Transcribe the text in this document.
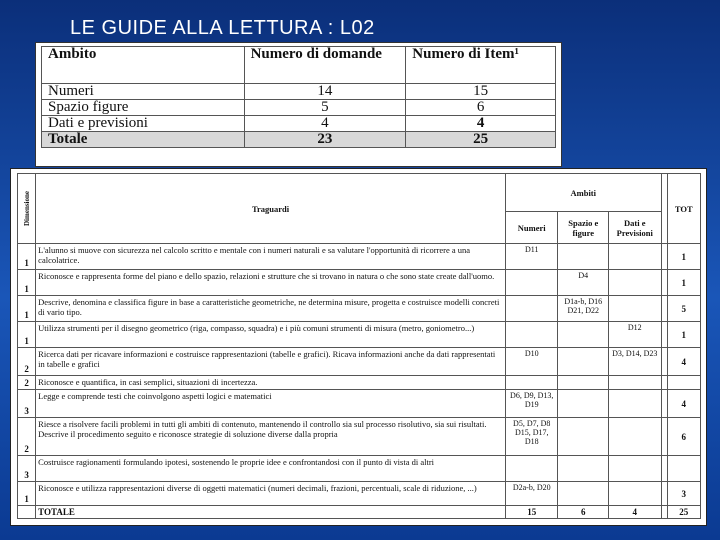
LE GUIDE ALLA LETTURA : L02
Ambito	Numero di domande	Numero di Item¹
Numeri	14	15
Spazio figure	5	6
Dati e previsioni	4	4
Totale	23	25
Dimensione	Traguardi	Ambiti				TOT
		Numeri	Spazio e figure	Dati e Previsioni		
1	L'alunno si muove con sicurezza nel calcolo scritto e mentale con i numeri naturali e sa valutare l'opportunità di ricorrere a una calcolatrice.	D11				1
1	Riconosce e rappresenta forme del piano e dello spazio, relazioni e strutture che si trovano in natura o che sono state create dall'uomo.		D4			1
1	Descrive, denomina e classifica figure in base a caratteristiche geometriche, ne determina misure, progetta e costruisce modelli concreti di vario tipo.		D1a-b, D16 D21, D22			5
1	Utilizza strumenti per il disegno geometrico (riga, compasso, squadra) e i più comuni strumenti di misura (metro, goniometro...)			D12		1
2	Ricerca dati per ricavare informazioni e costruisce rappresentazioni (tabelle e grafici). Ricava informazioni anche da dati rappresentati in tabelle e grafici	D10		D3, D14, D23		4
2	Riconosce e quantifica, in casi semplici, situazioni di incertezza.					
3	Legge e comprende testi che coinvolgono aspetti logici e matematici	D6, D9, D13, D19				4
2	Riesce a risolvere facili problemi in tutti gli ambiti di contenuto, mantenendo il controllo sia sul processo risolutivo, sia sui risultati. Descrive il procedimento seguito e riconosce strategie di soluzione diverse dalla propria	D5, D7, D8 D15, D17, D18				6
3	Costruisce ragionamenti formulando ipotesi, sostenendo le proprie idee e confrontandosi con il punto di vista di altri					
1	Riconosce e utilizza rappresentazioni diverse di oggetti matematici (numeri decimali, frazioni, percentuali, scale di riduzione, ...)	D2a-b, D20				3
	TOTALE	15	6	4		25
